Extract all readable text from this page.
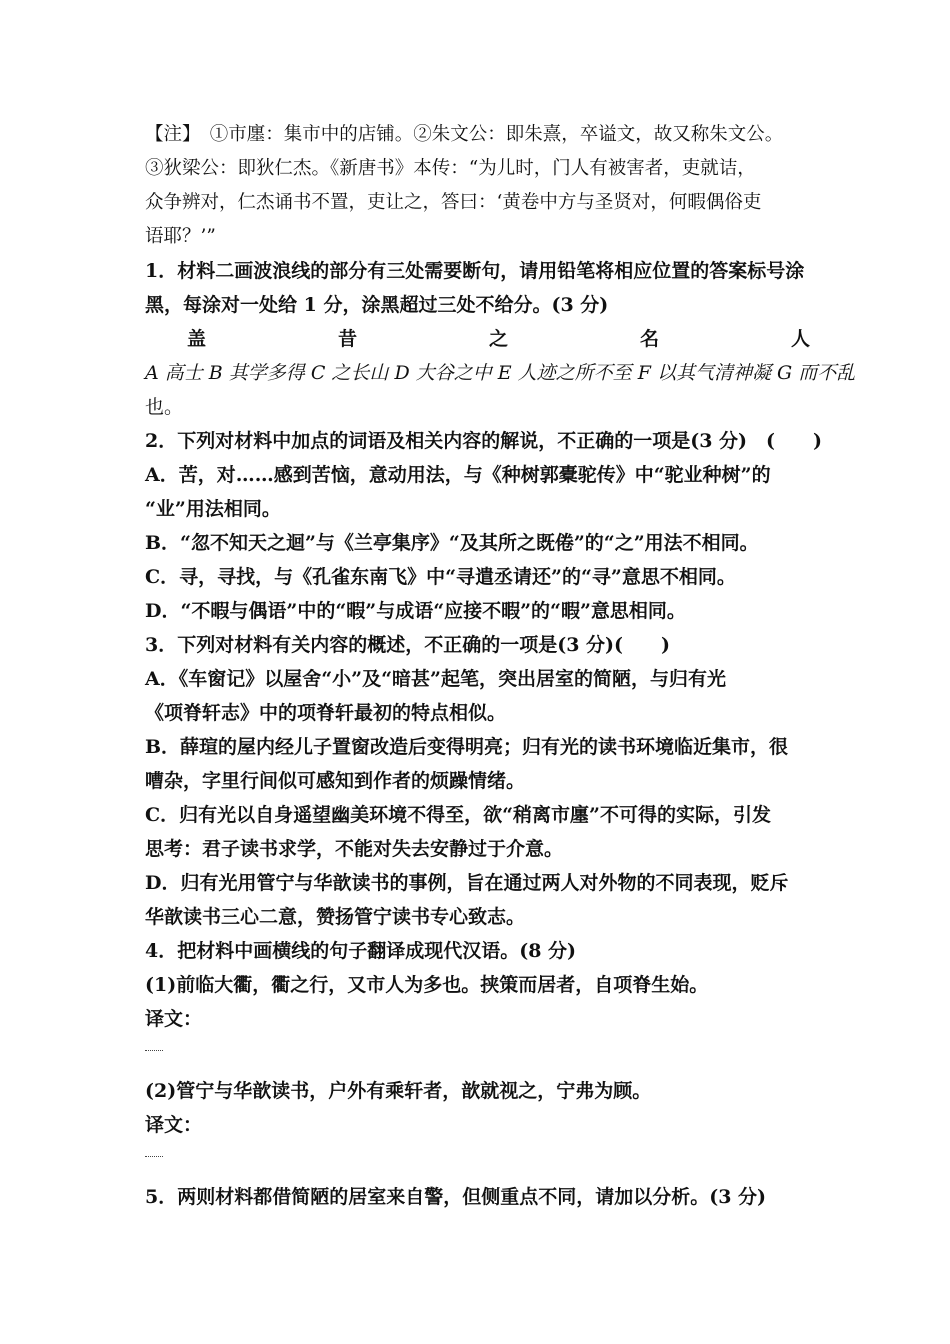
【注】　①市廛：集市中的店铺。②朱文公：即朱熹，卒谥文，故又称朱文公。
③狄梁公：即狄仁杰。《新唐书》本传：“为儿时，门人有被害者，吏就诘，
众争辨对，仁杰诵书不置，吏让之，答曰：‘黄卷中方与圣贤对，何暇偶俗吏
语耶？’”
1．材料二画波浪线的部分有三处需要断句，请用铅笔将相应位置的答案标号涂
黑，每涂对一处给 1 分，涂黑超过三处不给分。(3 分)
盖	昔	之	名	人
A 高士 B 其学多得 C 之长山 D 大谷之中 E 人迹之所不至 F 以其气清神凝 G 而不乱
也。
2．下列对材料中加点的词语及相关内容的解说，不正确的一项是(3 分)　(　　)
A．苦，对……感到苦恼，意动用法，与《种树郭橐驼传》中“驼业种树”的
“业”用法相同。
B．“忽不知天之迴”与《兰亭集序》“及其所之既倦”的“之”用法不相同。
C．寻，寻找，与《孔雀东南飞》中“寻遣丞请还”的“寻”意思不相同。
D．“不暇与偶语”中的“暇”与成语“应接不暇”的“暇”意思相同。
3．下列对材料有关内容的概述，不正确的一项是(3 分)(　　)
A．《车窗记》以屋舍“小”及“暗甚”起笔，突出居室的简陋，与归有光
《项脊轩志》中的项脊轩最初的特点相似。
B．薛瑄的屋内经儿子置窗改造后变得明亮；归有光的读书环境临近集市，很
嘈杂，字里行间似可感知到作者的烦躁情绪。
C．归有光以自身遥望幽美环境不得至，欲“稍离市廛”不可得的实际，引发
思考：君子读书求学，不能对失去安静过于介意。
D．归有光用管宁与华歆读书的事例，旨在通过两人对外物的不同表现，贬斥
华歆读书三心二意，赞扬管宁读书专心致志。
4．把材料中画横线的句子翻译成现代汉语。(8 分)
(1)前临大衢，衢之行，又市人为多也。挟策而居者，自项脊生始。
译文：
(2)管宁与华歆读书，户外有乘轩者，歆就视之，宁弗为顾。
译文：
5．两则材料都借简陋的居室来自警，但侧重点不同，请加以分析。(3 分)
